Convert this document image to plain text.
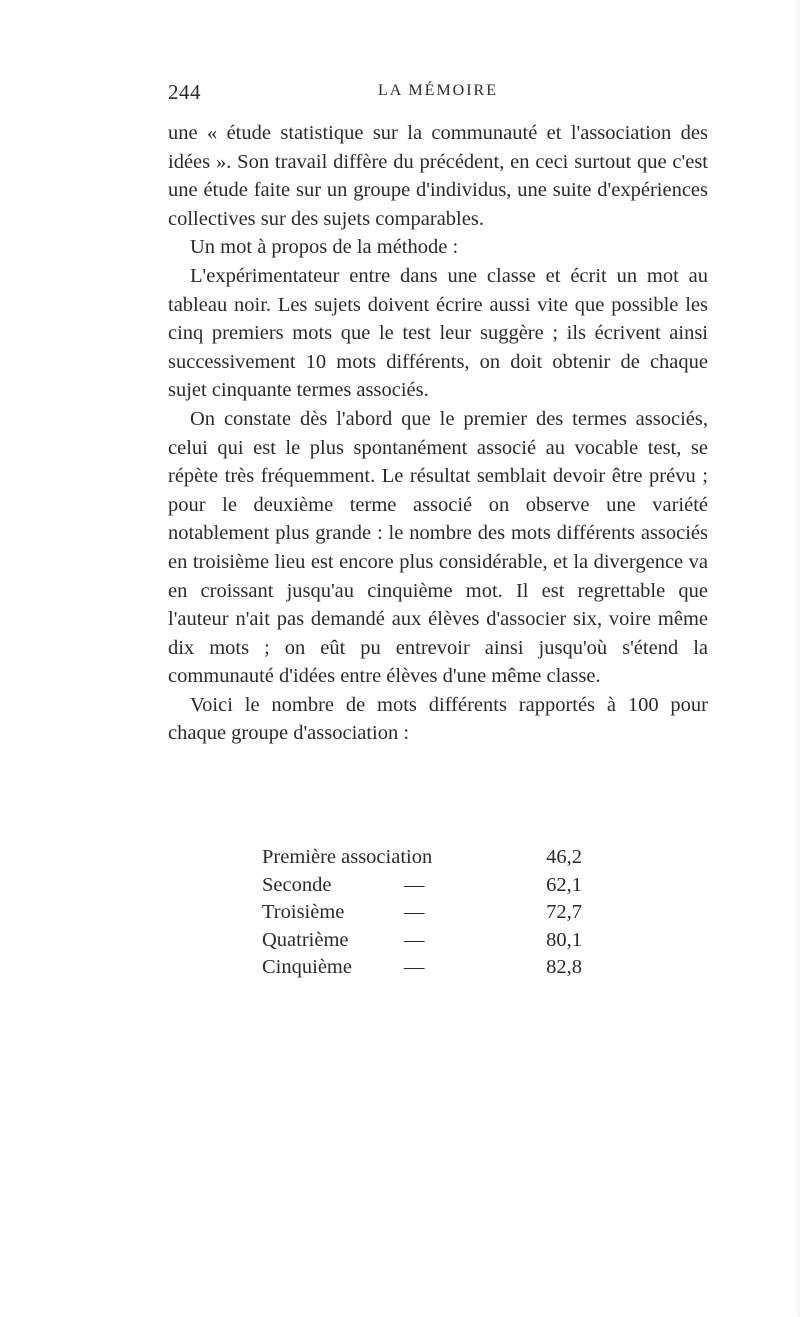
244	LA MÉMOIRE

une « étude statistique sur la communauté et l'association des idées ». Son travail diffère du précédent, en ceci surtout que c'est une étude faite sur un groupe d'individus, une suite d'expériences collectives sur des sujets comparables.

Un mot à propos de la méthode :

L'expérimentateur entre dans une classe et écrit un mot au tableau noir. Les sujets doivent écrire aussi vite que possible les cinq premiers mots que le test leur suggère ; ils écrivent ainsi successivement 10 mots différents, on doit obtenir de chaque sujet cinquante termes associés.

On constate dès l'abord que le premier des termes associés, celui qui est le plus spontanément associé au vocable test, se répète très fréquemment. Le résultat semblait devoir être prévu ; pour le deuxième terme associé on observe une variété notablement plus grande : le nombre des mots différents associés en troisième lieu est encore plus considérable, et la divergence va en croissant jusqu'au cinquième mot. Il est regrettable que l'auteur n'ait pas demandé aux élèves d'associer six, voire même dix mots ; on eût pu entrevoir ainsi jusqu'où s'étend la communauté d'idées entre élèves d'une même classe.

Voici le nombre de mots différents rapportés à 100 pour chaque groupe d'association :

Première association	46,2
Seconde	—	62,1
Troisième	—	72,7
Quatrième	—	80,1
Cinquième	—	82,8
